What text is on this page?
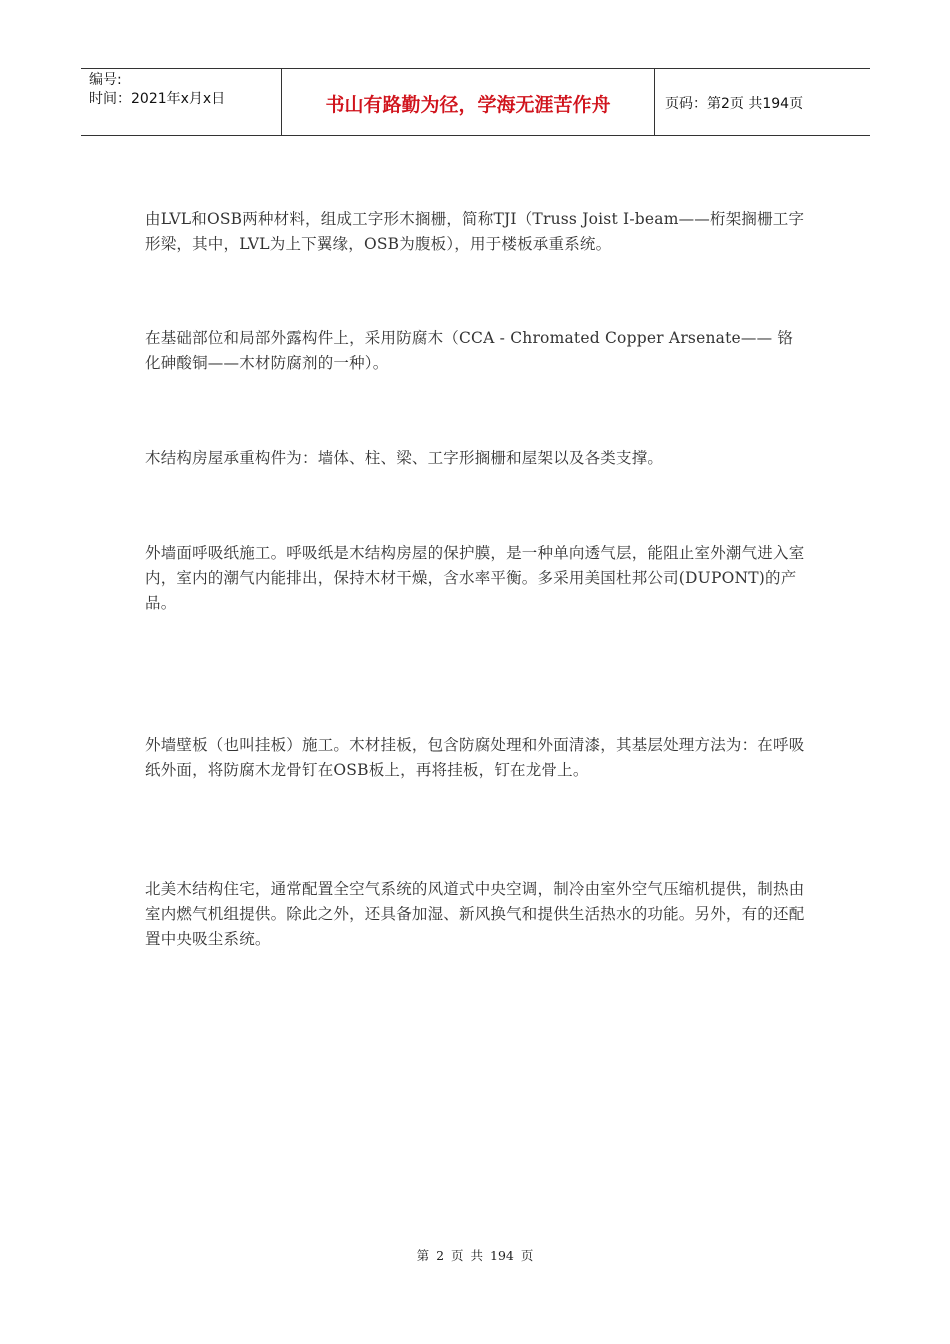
编号:
时间：2021年x月x日	书山有路勤为径，学海无涯苦作舟	页码：第2页 共194页

由LVL和OSB两种材料，组成工字形木搁栅，简称TJI（Truss Joist I-beam——桁架搁栅工字形梁，其中，LVL为上下翼缘，OSB为腹板），用于楼板承重系统。

在基础部位和局部外露构件上，采用防腐木（CCA - Chromated Copper Arsenate—— 铬化砷酸铜——木材防腐剂的一种）。

木结构房屋承重构件为：墙体、柱、梁、工字形搁栅和屋架以及各类支撑。

外墙面呼吸纸施工。呼吸纸是木结构房屋的保护膜，是一种单向透气层，能阻止室外潮气进入室内，室内的潮气内能排出，保持木材干燥，含水率平衡。多采用美国杜邦公司(DUPONT)的产品。

外墙壁板（也叫挂板）施工。木材挂板，包含防腐处理和外面清漆，其基层处理方法为：在呼吸纸外面，将防腐木龙骨钉在OSB板上，再将挂板，钉在龙骨上。

北美木结构住宅，通常配置全空气系统的风道式中央空调，制冷由室外空气压缩机提供，制热由室内燃气机组提供。除此之外，还具备加湿、新风换气和提供生活热水的功能。另外，有的还配置中央吸尘系统。

第 2 页 共 194 页
